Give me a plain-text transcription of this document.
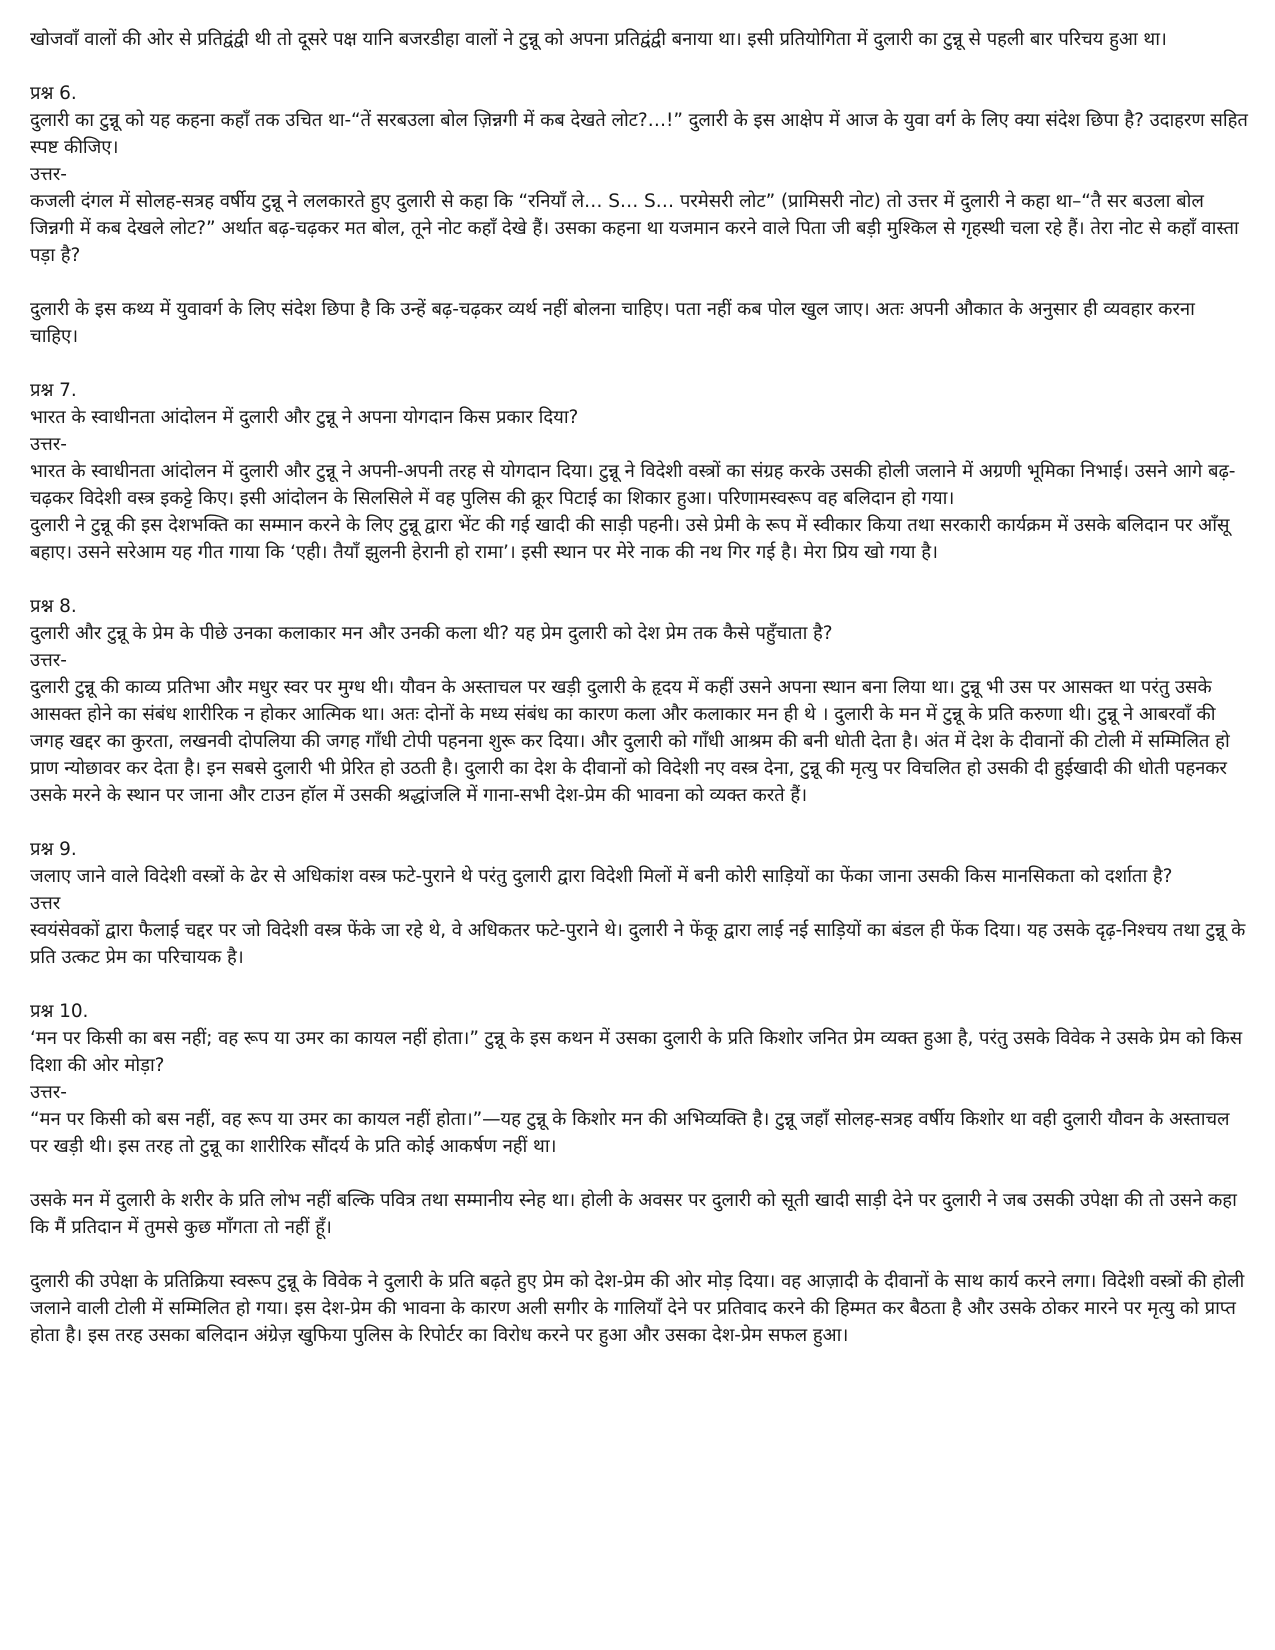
खोजवाँ वालों की ओर से प्रतिद्वंद्वी थी तो दूसरे पक्ष यानि बजरडीहा वालों ने टुन्नू को अपना प्रतिद्वंद्वी बनाया था। इसी प्रतियोगिता में दुलारी का टुन्नू से पहली बार परिचय हुआ था।

प्रश्न 6.

दुलारी का टुन्नू को यह कहना कहाँ तक उचित था-“तें सरबउला बोल ज़िन्नगी में कब देखते लोट?…!” दुलारी के इस आक्षेप में आज के युवा वर्ग के लिए क्या संदेश छिपा है? उदाहरण सहित स्पष्ट कीजिए।

उत्तर-

कजली दंगल में सोलह-सत्रह वर्षीय टुन्नू ने ललकारते हुए दुलारी से कहा कि “रनियाँ ले… S… S… परमेसरी लोट” (प्रामिसरी नोट) तो उत्तर में दुलारी ने कहा था–“तै सर बउला बोल जिन्नगी में कब देखले लोट?” अर्थात बढ़-चढ़कर मत बोल, तूने नोट कहाँ देखे हैं। उसका कहना था यजमान करने वाले पिता जी बड़ी मुश्किल से गृहस्थी चला रहे हैं। तेरा नोट से कहाँ वास्ता पड़ा है?

दुलारी के इस कथ्य में युवावर्ग के लिए संदेश छिपा है कि उन्हें बढ़-चढ़कर व्यर्थ नहीं बोलना चाहिए। पता नहीं कब पोल खुल जाए। अतः अपनी औकात के अनुसार ही व्यवहार करना चाहिए।

प्रश्न 7.

भारत के स्वाधीनता आंदोलन में दुलारी और टुन्नू ने अपना योगदान किस प्रकार दिया?

उत्तर-

भारत के स्वाधीनता आंदोलन में दुलारी और टुन्नू ने अपनी-अपनी तरह से योगदान दिया। टुन्नू ने विदेशी वस्त्रों का संग्रह करके उसकी होली जलाने में अग्रणी भूमिका निभाई। उसने आगे बढ़-चढ़कर विदेशी वस्त्र इकट्टे किए। इसी आंदोलन के सिलसिले में वह पुलिस की क्रूर पिटाई का शिकार हुआ। परिणामस्वरूप वह बलिदान हो गया।

दुलारी ने टुन्नू की इस देशभक्ति का सम्मान करने के लिए टुन्नू द्वारा भेंट की गई खादी की साड़ी पहनी। उसे प्रेमी के रूप में स्वीकार किया तथा सरकारी कार्यक्रम में उसके बलिदान पर आँसू बहाए। उसने सरेआम यह गीत गाया कि ‘एही। तैयाँ झुलनी हेरानी हो रामा’। इसी स्थान पर मेरे नाक की नथ गिर गई है। मेरा प्रिय खो गया है।

प्रश्न 8.

दुलारी और टुन्नू के प्रेम के पीछे उनका कलाकार मन और उनकी कला थी? यह प्रेम दुलारी को देश प्रेम तक कैसे पहुँचाता है?

उत्तर-

दुलारी टुन्नू की काव्य प्रतिभा और मधुर स्वर पर मुग्ध थी। यौवन के अस्ताचल पर खड़ी दुलारी के हृदय में कहीं उसने अपना स्थान बना लिया था। टुन्नू भी उस पर आसक्त था परंतु उसके आसक्त होने का संबंध शारीरिक न होकर आत्मिक था। अतः दोनों के मध्य संबंध का कारण कला और कलाकार मन ही थे । दुलारी के मन में टुन्नू के प्रति करुणा थी। टुन्नू ने आबरवाँ की जगह खद्दर का कुरता, लखनवी दोपलिया की जगह गाँधी टोपी पहनना शुरू कर दिया। और दुलारी को गाँधी आश्रम की बनी धोती देता है। अंत में देश के दीवानों की टोली में सम्मिलित हो प्राण न्योछावर कर देता है। इन सबसे दुलारी भी प्रेरित हो उठती है। दुलारी का देश के दीवानों को विदेशी नए वस्त्र देना, टुन्नू की मृत्यु पर विचलित हो उसकी दी हुईखादी की धोती पहनकर उसके मरने के स्थान पर जाना और टाउन हॉल में उसकी श्रद्धांजलि में गाना-सभी देश-प्रेम की भावना को व्यक्त करते हैं।

प्रश्न 9.

जलाए जाने वाले विदेशी वस्त्रों के ढेर से अधिकांश वस्त्र फटे-पुराने थे परंतु दुलारी द्वारा विदेशी मिलों में बनी कोरी साड़ियों का फेंका जाना उसकी किस मानसिकता को दर्शाता है?

उत्तर

स्वयंसेवकों द्वारा फैलाई चद्दर पर जो विदेशी वस्त्र फेंके जा रहे थे, वे अधिकतर फटे-पुराने थे। दुलारी ने फेंकू द्वारा लाई नई साड़ियों का बंडल ही फेंक दिया। यह उसके दृढ़-निश्चय तथा टुन्नू के प्रति उत्कट प्रेम का परिचायक है।

प्रश्न 10.

‘मन पर किसी का बस नहीं; वह रूप या उमर का कायल नहीं होता।” टुन्नू के इस कथन में उसका दुलारी के प्रति किशोर जनित प्रेम व्यक्त हुआ है, परंतु उसके विवेक ने उसके प्रेम को किस दिशा की ओर मोड़ा?

उत्तर-

“मन पर किसी को बस नहीं, वह रूप या उमर का कायल नहीं होता।”—यह टुन्नू के किशोर मन की अभिव्यक्ति है। टुन्नू जहाँ सोलह-सत्रह वर्षीय किशोर था वही दुलारी यौवन के अस्ताचल पर खड़ी थी। इस तरह तो टुन्नू का शारीरिक सौंदर्य के प्रति कोई आकर्षण नहीं था।

उसके मन में दुलारी के शरीर के प्रति लोभ नहीं बल्कि पवित्र तथा सम्मानीय स्नेह था। होली के अवसर पर दुलारी को सूती खादी साड़ी देने पर दुलारी ने जब उसकी उपेक्षा की तो उसने कहा कि मैं प्रतिदान में तुमसे कुछ माँगता तो नहीं हूँ।

दुलारी की उपेक्षा के प्रतिक्रिया स्वरूप टुन्नू के विवेक ने दुलारी के प्रति बढ़ते हुए प्रेम को देश-प्रेम की ओर मोड़ दिया। वह आज़ादी के दीवानों के साथ कार्य करने लगा। विदेशी वस्त्रों की होली जलाने वाली टोली में सम्मिलित हो गया। इस देश-प्रेम की भावना के कारण अली सगीर के गालियाँ देने पर प्रतिवाद करने की हिम्मत कर बैठता है और उसके ठोकर मारने पर मृत्यु को प्राप्त होता है। इस तरह उसका बलिदान अंग्रेज़ खुफिया पुलिस के रिपोर्टर का विरोध करने पर हुआ और उसका देश-प्रेम सफल हुआ।
